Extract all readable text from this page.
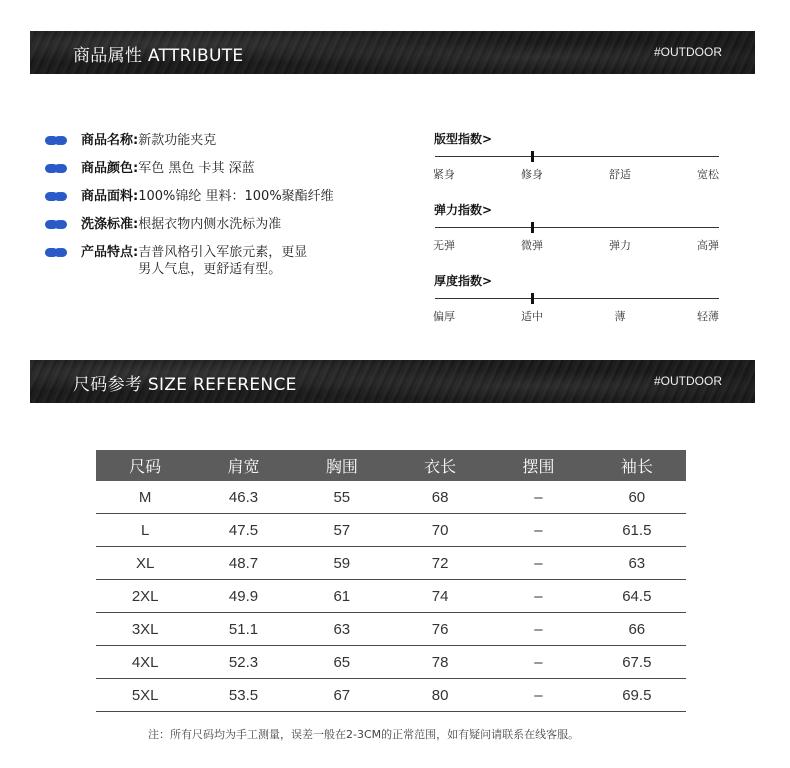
商品属性 ATTRIBUTE	#OUTDOOR
商品名称: 新款功能夹克
商品颜色: 军色 黑色 卡其 深蓝
商品面料: 100%锦纶 里料：100%聚酯纤维
洗涤标准: 根据衣物内侧水洗标为准
产品特点: 吉普风格引入军旅元素，更显
男人气息，更舒适有型。
版型指数>
紧身	修身	舒适	宽松
弹力指数>
无弹	微弹	弹力	高弹
厚度指数>
偏厚	适中	薄	轻薄
尺码参考 SIZE REFERENCE	#OUTDOOR
尺码	肩宽	胸围	衣长	摆围	袖长
M	46.3	55	68	–	60
L	47.5	57	70	–	61.5
XL	48.7	59	72	–	63
2XL	49.9	61	74	–	64.5
3XL	51.1	63	76	–	66
4XL	52.3	65	78	–	67.5
5XL	53.5	67	80	–	69.5
注：所有尺码均为手工测量，误差一般在2-3CM的正常范围，如有疑问请联系在线客服。
